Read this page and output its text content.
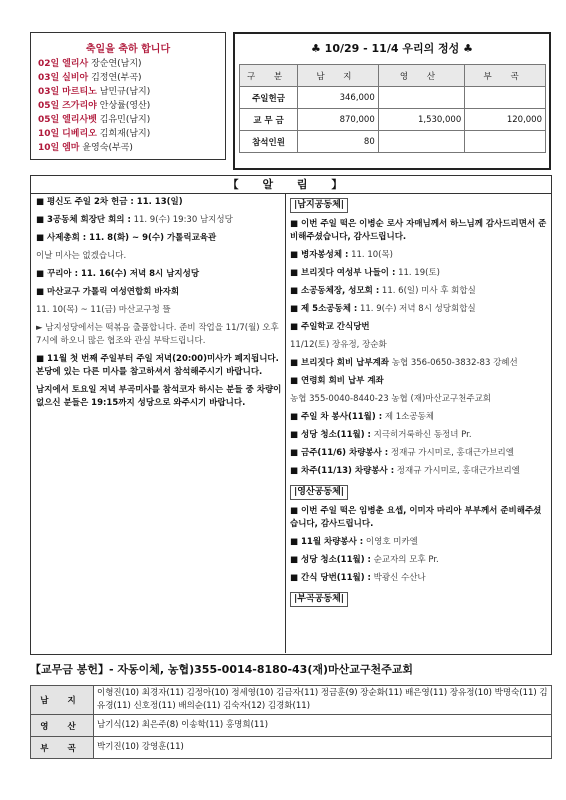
축일을 축하 합니다
02일 엘리사 장순연(남지)
03일 실비아 김정연(부곡)
03일 마르티노 남민규(남지)
05일 즈가리야 안상률(영산)
05일 엘리사벳 김유민(남지)
10일 디베리오 김희재(남지)
10일 엠마 윤영숙(부곡)
♣ 10/29 - 11/4 우리의 정성 ♣
구 분	남 지	영 산	부 곡
주일헌금	346,000		
교 무 금	870,000	1,530,000	120,000
참석인원	80		
【 알 림 】
■ 평신도 주일 2차 헌금 : 11. 13(일)
■ 3공동체 회장단 회의 : 11. 9(수) 19:30 남지성당
■ 사제총회 : 11. 8(화) ~ 9(수) 가톨릭교육관
이날 미사는 없겠습니다.
■ 꾸리아 : 11. 16(수) 저녁 8시 남지성당
■ 마산교구 가톨릭 여성연합회 바자회
11. 10(목) ~ 11(금) 마산교구청 뜰
► 남지성당에서는 떡볶음 출품합니다. 준비 작업을 11/7(월) 오후 7시에 하오니 많은 협조와 관심 부탁드립니다.
■ 11월 첫 번째 주일부터 주일 저녁(20:00)미사가 폐지됩니다. 본당에 있는 다른 미사를 참고하셔서 참석해주시기 바랍니다.
남지에서 토요일 저녁 부곡미사를 참석코자 하시는 분들 중 차량이 없으신 분들은 19:15까지 성당으로 와주시기 바랍니다.
|남지공동체|
■ 이번 주일 떡은 이병순 로사 자매님께서 하느님께 감사드리면서 준비해주셨습니다, 감사드립니다.
■ 병자봉성체 : 11. 10(목)
■ 브리짓다 여성부 나들이 : 11. 19(토)
■ 소공동체장, 성모회 : 11. 6(일) 미사 후 회합실
■ 제 5소공동체 : 11. 9(수) 저녁 8시 성당회합실
■ 주일학교 간식당번
11/12(토) 장유정, 장순화
■ 브리짓다 회비 납부계좌 농협 356-0650-3832-83 강혜선
■ 연령회 회비 납부 계좌
농협 355-0040-8440-23 농협 (재)마산교구천주교회
■ 주일 차 봉사(11월) : 제 1소공동체
■ 성당 청소(11월) : 지극히거룩하신 동정녀 Pr.
■ 금주(11/6) 차량봉사 : 정재규 가시미로, 홍대근가브리엘
■ 차주(11/13) 차량봉사 : 정재규 가시미로, 홍대근가브리엘
|영산공동체|
■ 이번 주일 떡은 임병춘 요셉, 이미자 마리아 부부께서 준비해주셨습니다, 감사드립니다.
■ 11월 차량봉사 : 이영호 미카엘
■ 성당 청소(11월) : 순교자의 모후 Pr.
■ 간식 당번(11월) : 박광신 수산나
|부곡공동체|
【교무금 봉헌】- 자동이체, 농협)355-0014-8180-43(재)마산교구천주교회
남 지	이형진(10) 최경자(11) 김정아(10) 정세영(10) 김금자(11) 정금훈(9) 장순화(11) 배은영(11) 장유정(10) 박명숙(11) 김유경(11) 신호정(11) 배의순(11) 김숙자(12) 김경화(11)
영 산	남기식(12) 최은주(8) 이송학(11) 홍명희(11)
부 곡	박기진(10) 강영훈(11)
